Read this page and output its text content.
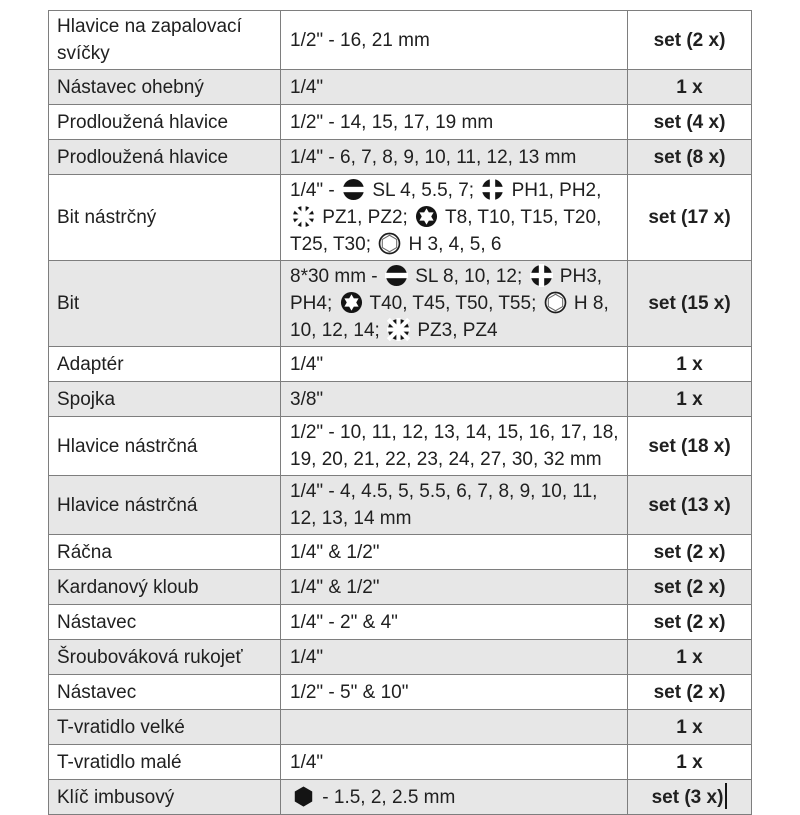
Hlavice na zapalovací svíčky	1/2" - 16, 21 mm	set (2 x)
Nástavec ohebný	1/4"	1 x
Prodloužená hlavice	1/2" - 14, 15, 17, 19 mm	set (4 x)
Prodloužená hlavice	1/4" - 6, 7, 8, 9, 10, 11, 12, 13 mm	set (8 x)
Bit nástrčný	1/4" -
SL 4, 5.5, 7;
PH1, PH2,
PZ1, PZ2;
T8, T10, T15, T20, T25, T30;
H 3, 4, 5, 6	set (17 x)
Bit	8*30 mm -
SL 8, 10, 12;
PH3, PH4;
T40, T45, T50, T55;
H 8, 10, 12, 14;
PZ3, PZ4	set (15 x)
Adaptér	1/4"	1 x
Spojka	3/8"	1 x
Hlavice nástrčná	1/2" - 10, 11, 12, 13, 14, 15, 16, 17, 18, 19, 20, 21, 22, 23, 24, 27, 30, 32 mm	set (18 x)
Hlavice nástrčná	1/4" - 4, 4.5, 5, 5.5, 6, 7, 8, 9, 10, 11, 12, 13, 14 mm	set (13 x)
Ráčna	1/4" & 1/2"	set (2 x)
Kardanový kloub	1/4" & 1/2"	set (2 x)
Nástavec	1/4" - 2" & 4"	set (2 x)
Šroubováková rukojeť	1/4"	1 x
Nástavec	1/2" - 5" & 10"	set (2 x)
T-vratidlo velké		1 x
T-vratidlo malé	1/4"	1 x
Klíč imbusový	- 1.5, 2, 2.5 mm	set (3 x)
